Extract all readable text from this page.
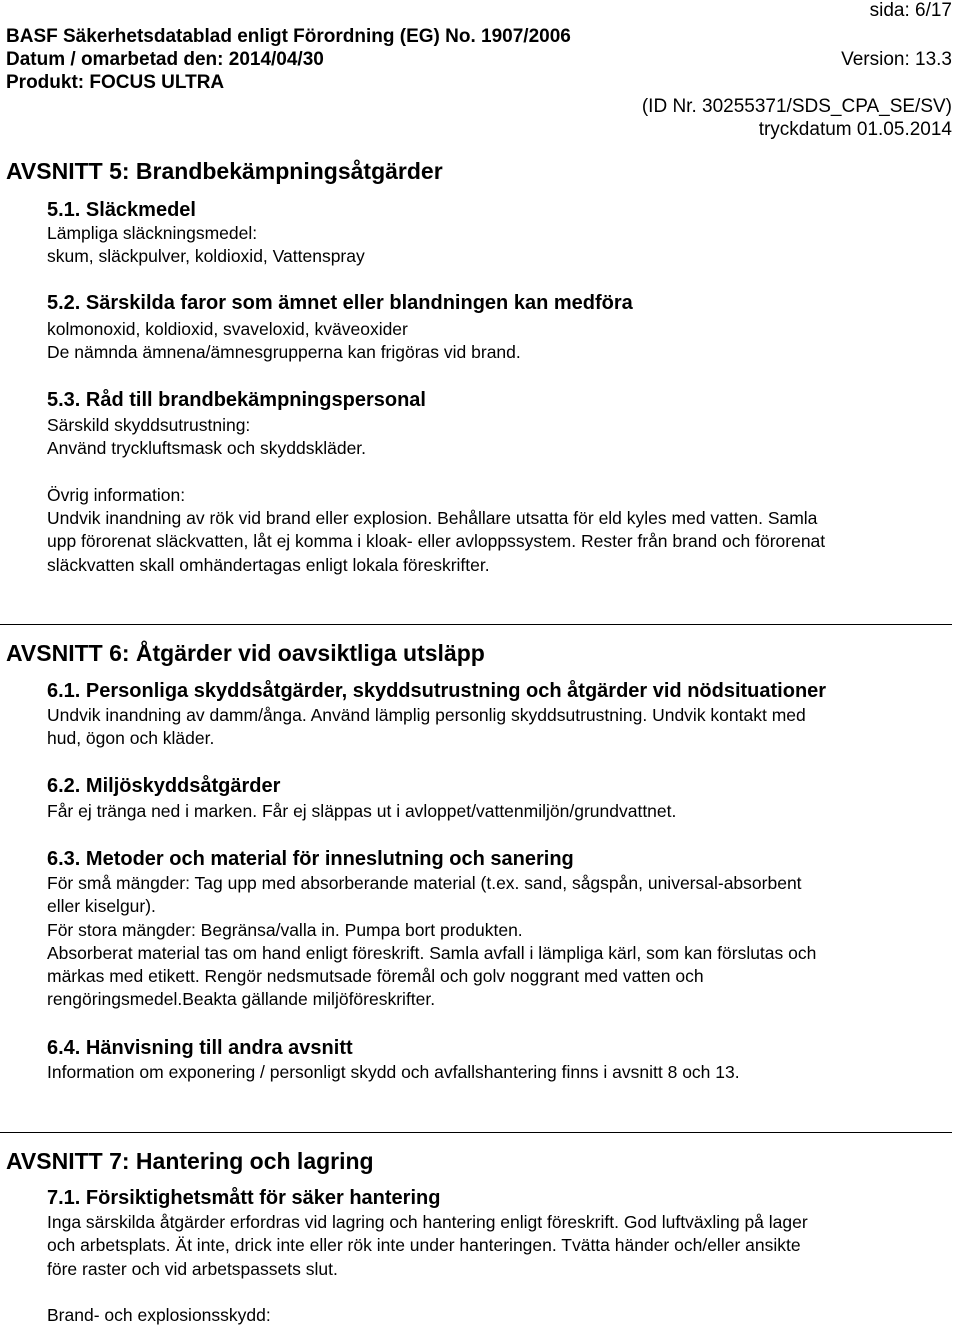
sida: 6/17
BASF Säkerhetsdatablad enligt Förordning (EG) No. 1907/2006
Datum / omarbetad den: 2014/04/30	Version: 13.3
Produkt: FOCUS ULTRA
(ID Nr. 30255371/SDS_CPA_SE/SV)
tryckdatum 01.05.2014
AVSNITT 5: Brandbekämpningsåtgärder
5.1. Släckmedel
Lämpliga släckningsmedel:
skum, släckpulver, koldioxid, Vattenspray
5.2. Särskilda faror som ämnet eller blandningen kan medföra
kolmonoxid, koldioxid, svaveloxid, kväveoxider
De nämnda ämnena/ämnesgrupperna kan frigöras vid brand.
5.3. Råd till brandbekämpningspersonal
Särskild skyddsutrustning:
Använd tryckluftsmask och skyddskläder.
Övrig information:
Undvik inandning av rök vid brand eller explosion. Behållare utsatta för eld kyles med vatten. Samla
upp förorenat släckvatten, låt ej komma i kloak- eller avloppssystem. Rester från brand och förorenat
släckvatten skall omhändertagas enligt lokala föreskrifter.
AVSNITT 6: Åtgärder vid oavsiktliga utsläpp
6.1. Personliga skyddsåtgärder, skyddsutrustning och åtgärder vid nödsituationer
Undvik inandning av damm/ånga. Använd lämplig personlig skyddsutrustning. Undvik kontakt med
hud, ögon och kläder.
6.2. Miljöskyddsåtgärder
Får ej tränga ned i marken. Får ej släppas ut i avloppet/vattenmiljön/grundvattnet.
6.3. Metoder och material för inneslutning och sanering
För små mängder: Tag upp med absorberande material (t.ex. sand, sågspån, universal-absorbent
eller kiselgur).
För stora mängder: Begränsa/valla in. Pumpa bort produkten.
Absorberat material tas om hand enligt föreskrift. Samla avfall i lämpliga kärl, som kan förslutas och
märkas med etikett. Rengör nedsmutsade föremål och golv noggrant med vatten och
rengöringsmedel.Beakta gällande miljöföreskrifter.
6.4. Hänvisning till andra avsnitt
Information om exponering / personligt skydd och avfallshantering finns i avsnitt 8 och 13.
AVSNITT 7: Hantering och lagring
7.1. Försiktighetsmått för säker hantering
Inga särskilda åtgärder erfordras vid lagring och hantering enligt föreskrift. God luftväxling på lager
och arbetsplats. Ät inte, drick inte eller rök inte under hanteringen. Tvätta händer och/eller ansikte
före raster och vid arbetspassets slut.
Brand- och explosionsskydd:
